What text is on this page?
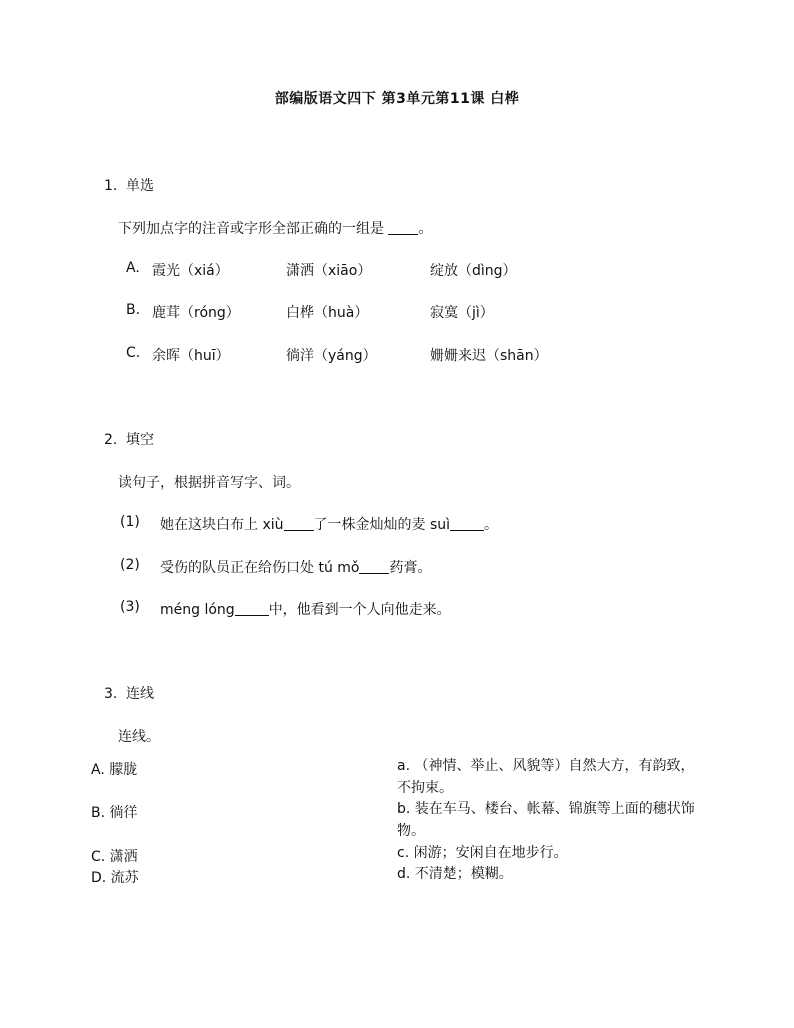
部编版语文四下 第3单元第11课 白桦
1. 单选
下列加点字的注音或字形全部正确的一组是 。
A. 霞光（xiá）	潇洒（xiāo）	绽放（dìng）
B. 鹿茸（róng）	白桦（huà）	寂寞（jì）
C. 余晖（huī）	徜洋（yáng）	姗姗来迟（shān）
2. 填空
读句子，根据拼音写字、词。
(1) 她在这块白布上 xiù 了一株金灿灿的麦 suì 。
(2) 受伤的队员正在给伤口处 tú mǒ 药膏。
(3) méng lóng 中，他看到一个人向他走来。
3. 连线
连线。
A. 朦胧
B. 徜徉
C. 潇洒
D. 流苏
a. （神情、举止、风貌等）自然大方，有韵致，不拘束。
b. 装在车马、楼台、帐幕、锦旗等上面的穗状饰物。
c. 闲游；安闲自在地步行。
d. 不清楚；模糊。
